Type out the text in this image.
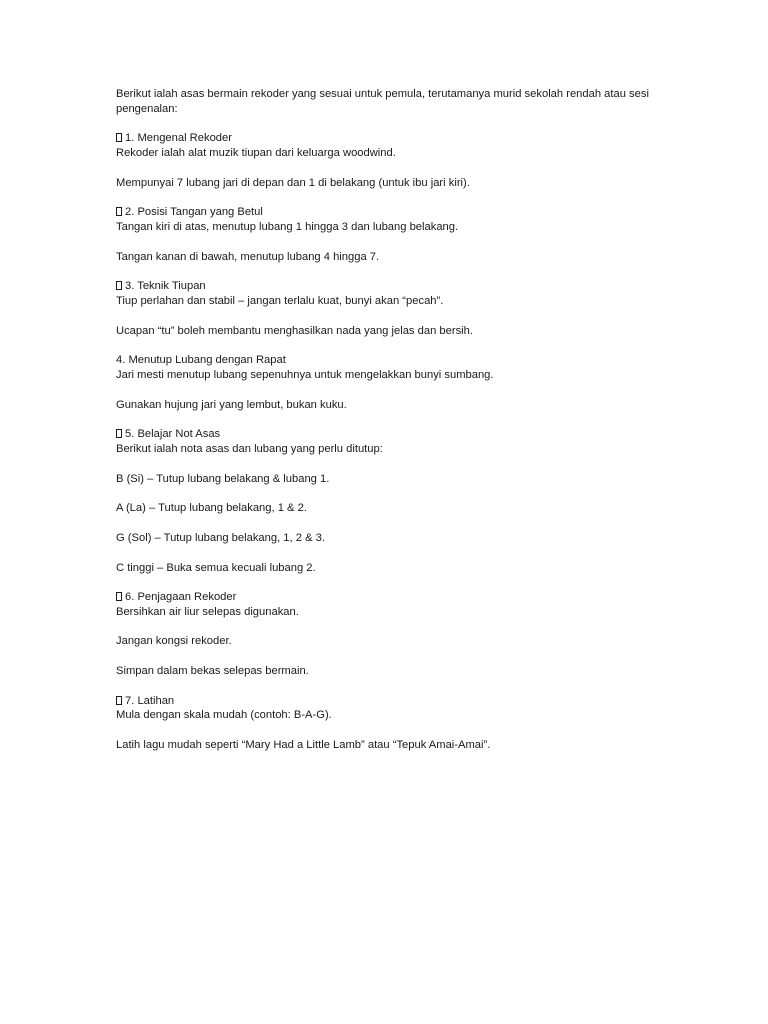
Berikut ialah asas bermain rekoder yang sesuai untuk pemula, terutamanya murid sekolah rendah atau sesi pengenalan:

1. Mengenal Rekoder

Rekoder ialah alat muzik tiupan dari keluarga woodwind.

Mempunyai 7 lubang jari di depan dan 1 di belakang (untuk ibu jari kiri).

2. Posisi Tangan yang Betul

Tangan kiri di atas, menutup lubang 1 hingga 3 dan lubang belakang.

Tangan kanan di bawah, menutup lubang 4 hingga 7.

3. Teknik Tiupan

Tiup perlahan dan stabil – jangan terlalu kuat, bunyi akan “pecah”.

Ucapan “tu” boleh membantu menghasilkan nada yang jelas dan bersih.

4. Menutup Lubang dengan Rapat

Jari mesti menutup lubang sepenuhnya untuk mengelakkan bunyi sumbang.

Gunakan hujung jari yang lembut, bukan kuku.

5. Belajar Not Asas

Berikut ialah nota asas dan lubang yang perlu ditutup:

B (Si) – Tutup lubang belakang & lubang 1.

A (La) – Tutup lubang belakang, 1 & 2.

G (Sol) – Tutup lubang belakang, 1, 2 & 3.

C tinggi – Buka semua kecuali lubang 2.

6. Penjagaan Rekoder

Bersihkan air liur selepas digunakan.

Jangan kongsi rekoder.

Simpan dalam bekas selepas bermain.

7. Latihan

Mula dengan skala mudah (contoh: B-A-G).

Latih lagu mudah seperti “Mary Had a Little Lamb” atau “Tepuk Amai-Amai”.
